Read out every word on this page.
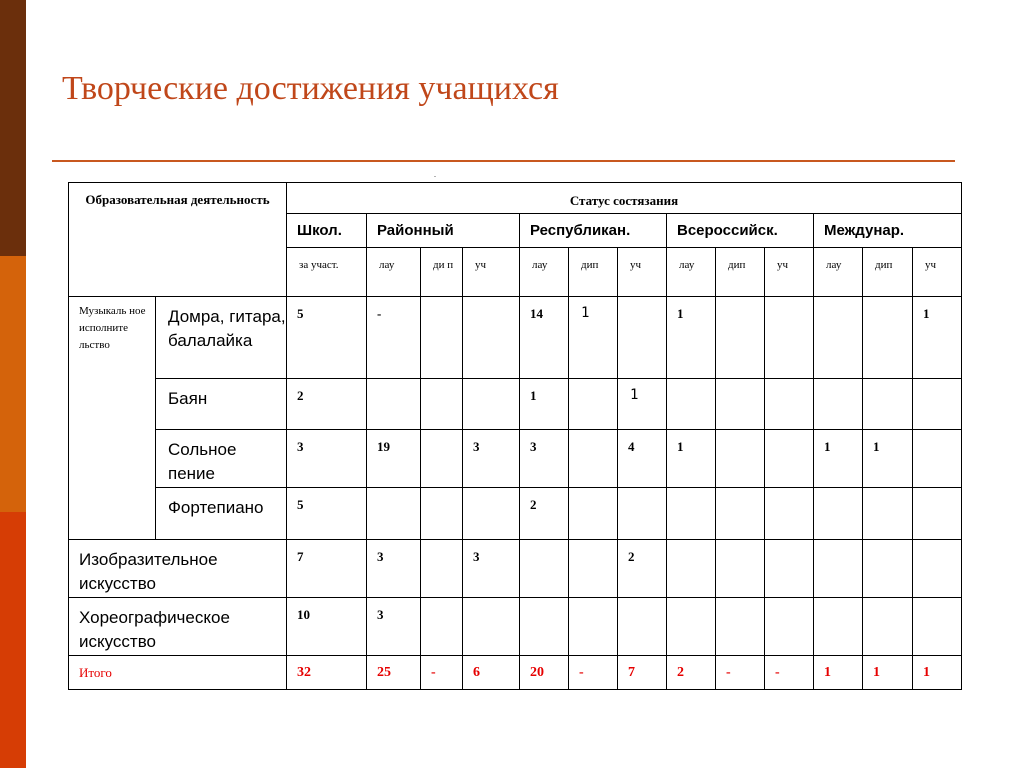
Творческие достижения учащихся
.
Образовательная деятельность		Статус состязания												
		Школ.	Районный			Республикан.			Всероссийск.			Междунар.		
		за участ.	лау	ди п	уч	лау	дип	уч	лау	дип	уч	лау	дип	уч
Музыкаль ное исполните льство	Домра, гитара, балалайка	5	-			14	1		1					1
	Баян	2				1		1						
	Сольное пение	3	19		3	3		4	1			1	1	
	Фортепиано	5				2								
Изобразительное искусство		7	3		3			2						
Хореографическое искусство		10	3											
Итого		32	25	-	6	20	-	7	2	-	-	1	1	1
